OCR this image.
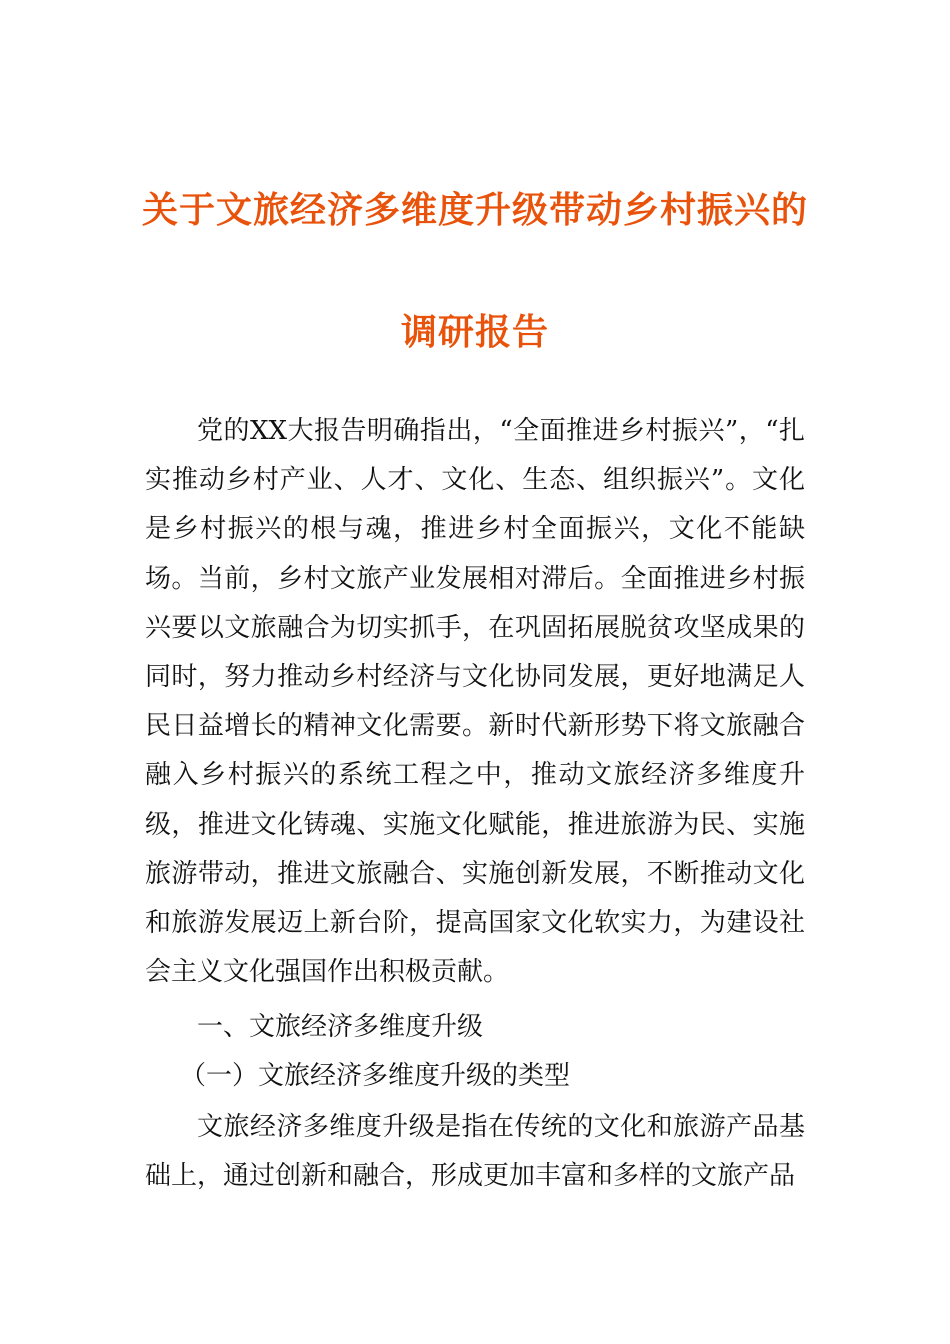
关于文旅经济多维度升级带动乡村振兴的
调研报告

党的XX大报告明确指出，“全面推进乡村振兴”，“扎实推动乡村产业、人才、文化、生态、组织振兴”。文化是乡村振兴的根与魂，推进乡村全面振兴，文化不能缺场。当前，乡村文旅产业发展相对滞后。全面推进乡村振兴要以文旅融合为切实抓手，在巩固拓展脱贫攻坚成果的同时，努力推动乡村经济与文化协同发展，更好地满足人民日益增长的精神文化需要。新时代新形势下将文旅融合融入乡村振兴的系统工程之中，推动文旅经济多维度升级，推进文化铸魂、实施文化赋能，推进旅游为民、实施旅游带动，推进文旅融合、实施创新发展，不断推动文化和旅游发展迈上新台阶，提高国家文化软实力，为建设社会主义文化强国作出积极贡献。

一、文旅经济多维度升级

（一）文旅经济多维度升级的类型

文旅经济多维度升级是指在传统的文化和旅游产品基础上，通过创新和融合，形成更加丰富和多样的文旅产品
